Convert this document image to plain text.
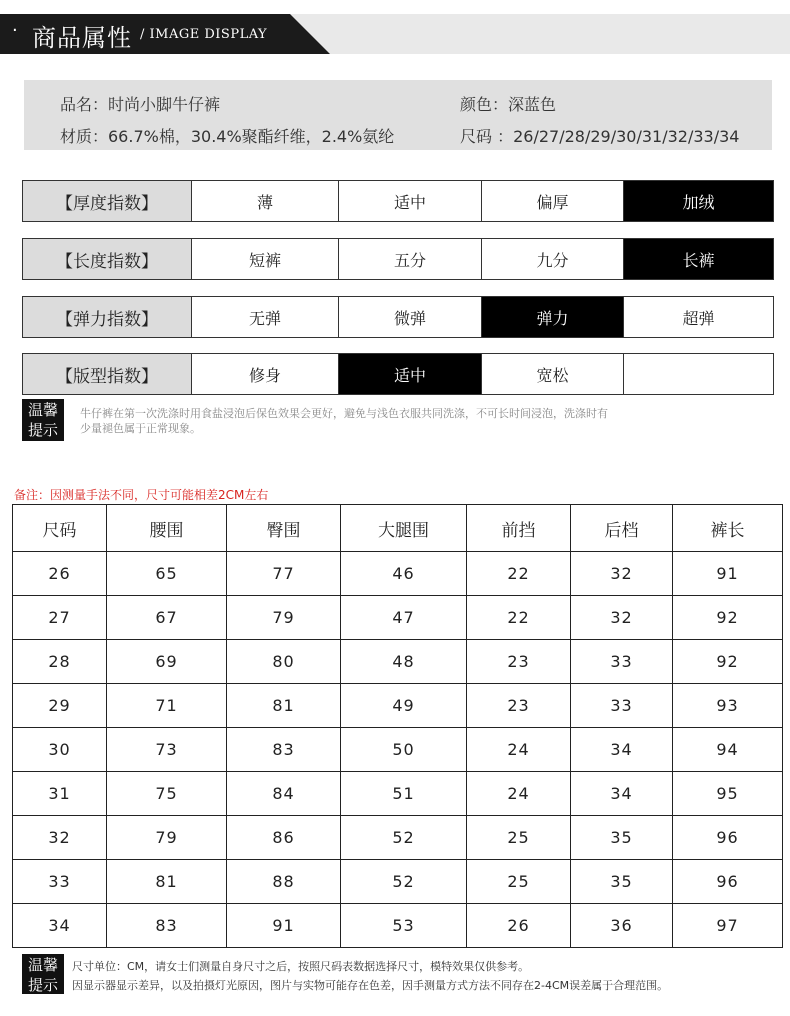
· 商品属性 / IMAGE DISPLAY
品名：时尚小脚牛仔裤	颜色：深蓝色
材质：66.7%棉，30.4%聚酯纤维，2.4%氨纶	尺码 ：26/27/28/29/30/31/32/33/34
【厚度指数】	薄	适中	偏厚	加绒
【长度指数】	短裤	五分	九分	长裤
【弹力指数】	无弹	微弹	弹力	超弹
【版型指数】	修身	适中	宽松
温馨
提示
牛仔裤在第一次洗涤时用食盐浸泡后保色效果会更好，避免与浅色衣服共同洗涤，不可长时间浸泡，洗涤时有
少量褪色属于正常现象。
备注：因测量手法不同，尺寸可能相差2CM左右
尺码	腰围	臀围	大腿围	前挡	后档	裤长
26	65	77	46	22	32	91
27	67	79	47	22	32	92
28	69	80	48	23	33	92
29	71	81	49	23	33	93
30	73	83	50	24	34	94
31	75	84	51	24	34	95
32	79	86	52	25	35	96
33	81	88	52	25	35	96
34	83	91	53	26	36	97
温馨
提示
尺寸单位：CM，请女士们测量自身尺寸之后，按照尺码表数据选择尺寸，模特效果仅供参考。
因显示器显示差异，以及拍摄灯光原因，图片与实物可能存在色差，因手测量方式方法不同存在2-4CM误差属于合理范围。
